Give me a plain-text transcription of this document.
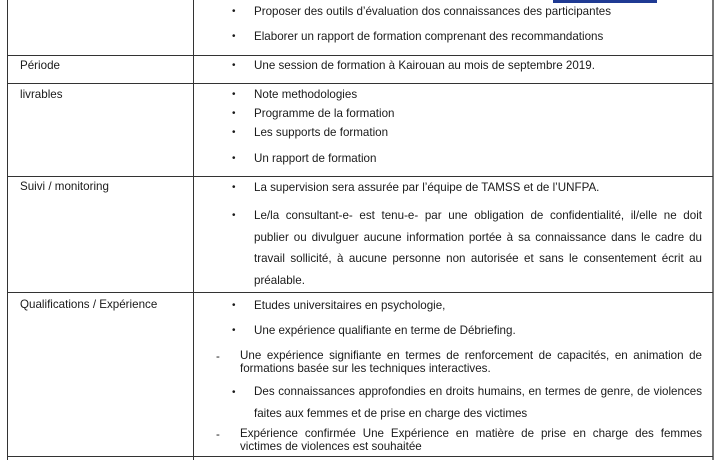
• Proposer des outils d’évaluation dos connaissances des participantes
• Elaborer un rapport de formation comprenant des recommandations
Période	• Une session de formation à Kairouan au mois de septembre 2019.
livrables	• Note methodologies
• Programme de la formation
• Les supports de formation
• Un rapport de formation
Suivi / monitoring	• La supervision sera assurée par l’équipe de TAMSS et de l’UNFPA.
• Le/la consultant-e- est tenu-e- par une obligation de confidentialité, il/elle ne doit publier ou divulguer aucune information portée à sa connaissance dans le cadre du travail sollicité, à aucune personne non autorisée et sans le consentement écrit au préalable.
Qualifications / Expérience	• Etudes universitaires en psychologie,
• Une expérience qualifiante en terme de Débriefing.
- Une expérience signifiante en termes de renforcement de capacités, en animation de formations basée sur les techniques interactives.
• Des connaissances approfondies en droits humains, en termes de genre, de violences faites aux femmes et de prise en charge des victimes
- Expérience confirmée Une Expérience en matière de prise en charge des femmes victimes de violences est souhaitée
